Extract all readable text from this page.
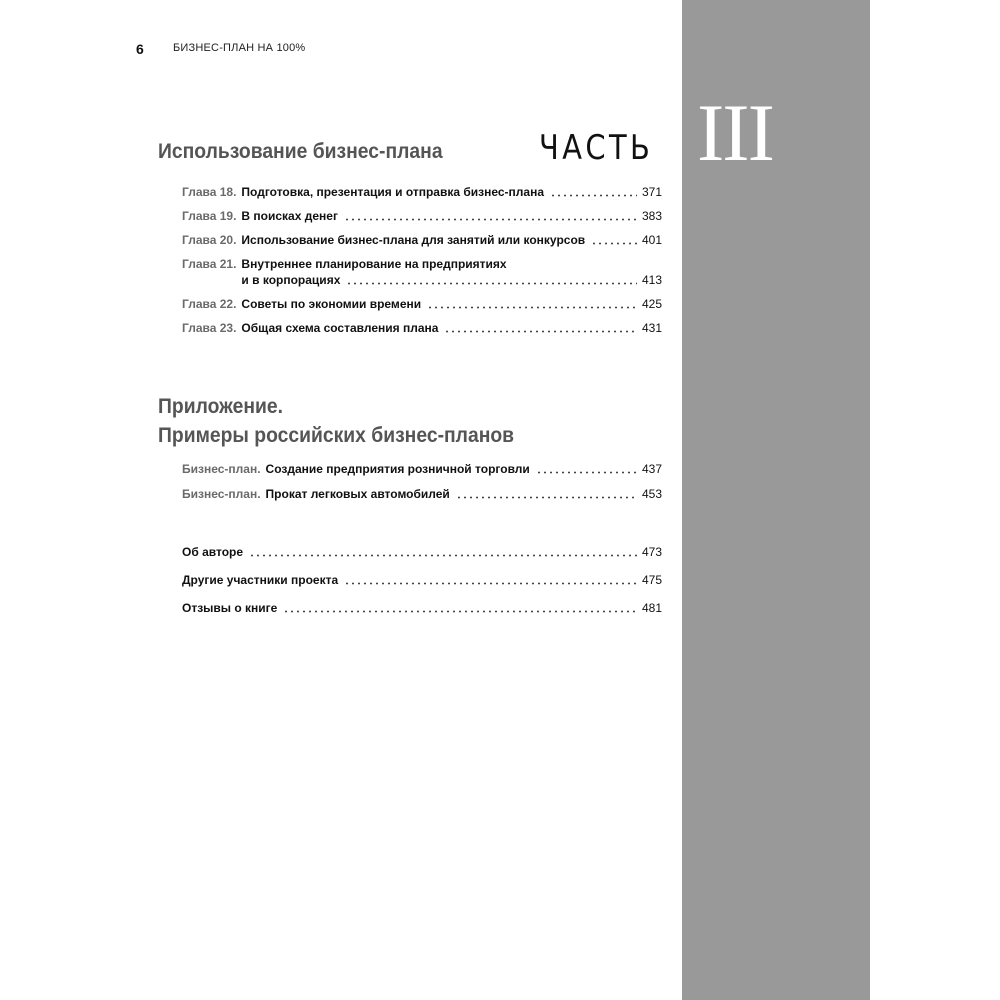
6	БИЗНЕС-ПЛАН НА 100%
Использование бизнес-плана	ЧАСТЬ III
Глава 18. Подготовка, презентация и отправка бизнес-плана	371
Глава 19. В поисках денег	383
Глава 20. Использование бизнес-плана для занятий или конкурсов	401
Глава 21. Внутреннее планирование на предприятиях
и в корпорациях	413
Глава 22. Советы по экономии времени	425
Глава 23. Общая схема составления плана	431
Приложение.
Примеры российских бизнес-планов
Бизнес-план. Создание предприятия розничной торговли	437
Бизнес-план. Прокат легковых автомобилей	453
Об авторе	473
Другие участники проекта	475
Отзывы о книге	481
